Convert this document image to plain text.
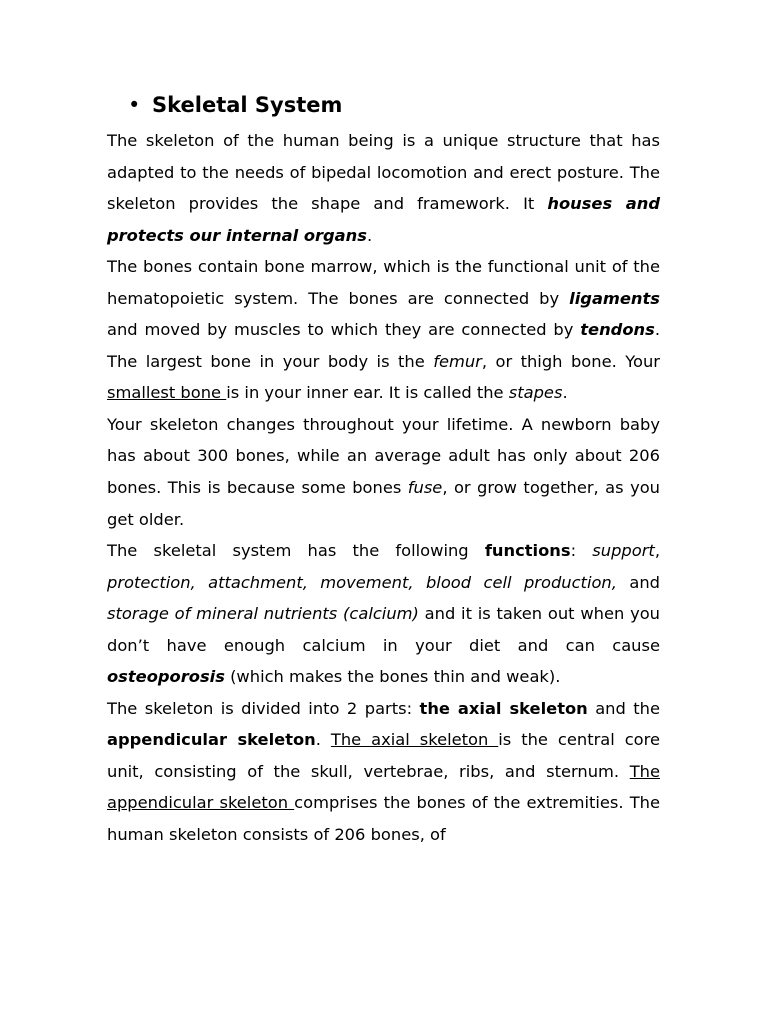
• Skeletal System

The skeleton of the human being is a unique structure that has adapted to the needs of bipedal locomotion and erect posture. The skeleton provides the shape and framework. It houses and protects our internal organs.

The bones contain bone marrow, which is the functional unit of the hematopoietic system. The bones are connected by ligaments and moved by muscles to which they are connected by tendons. The largest bone in your body is the femur, or thigh bone. Your smallest bone is in your inner ear. It is called the stapes.

Your skeleton changes throughout your lifetime. A newborn baby has about 300 bones, while an average adult has only about 206 bones. This is because some bones fuse, or grow together, as you get older.

The skeletal system has the following functions: support, protection, attachment, movement, blood cell production, and storage of mineral nutrients (calcium) and it is taken out when you don’t have enough calcium in your diet and can cause osteoporosis (which makes the bones thin and weak).

The skeleton is divided into 2 parts: the axial skeleton and the appendicular skeleton. The axial skeleton is the central core unit, consisting of the skull, vertebrae, ribs, and sternum. The appendicular skeleton comprises the bones of the extremities. The human skeleton consists of 206 bones, of
